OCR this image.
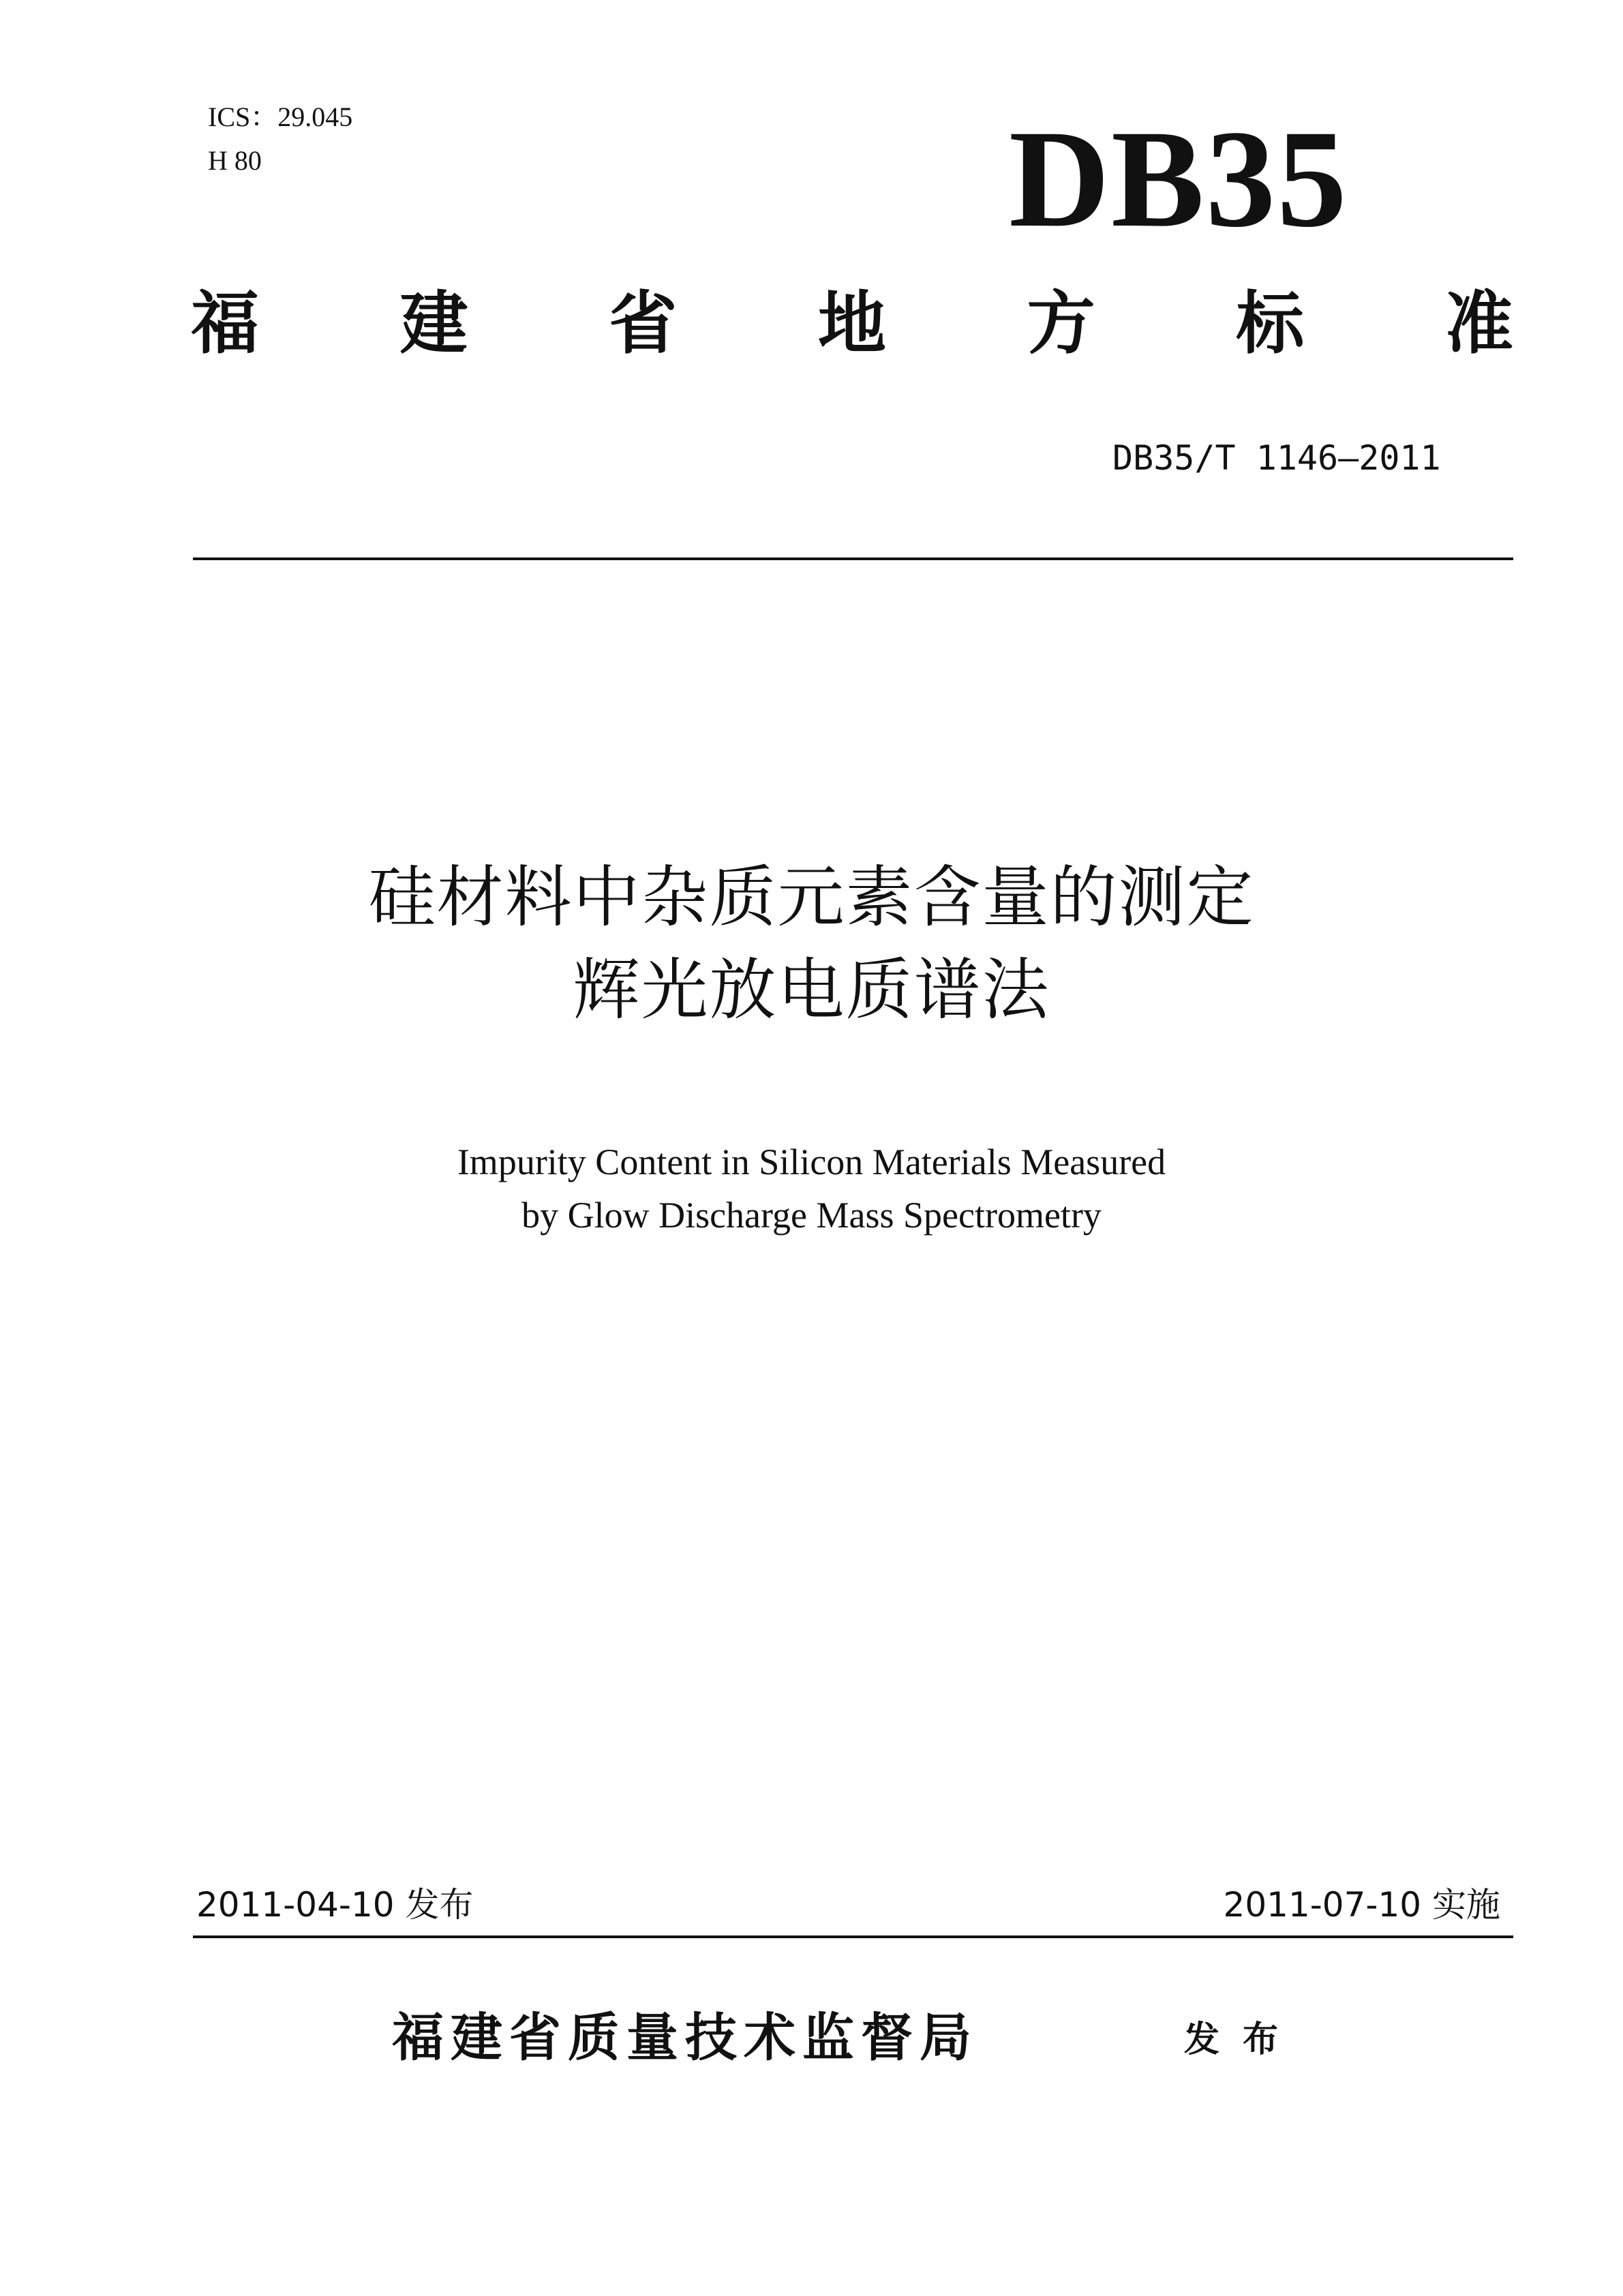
ICS：29.045
H 80	DB35
福 建 省 地 方 标 准
DB35/T 1146—2011
硅材料中杂质元素含量的测定
辉光放电质谱法
Impurity Content in Silicon Materials Measured
by Glow Discharge Mass Spectrometry
2011-04-10 发布	2011-07-10 实施
福建省质量技术监督局	发布
